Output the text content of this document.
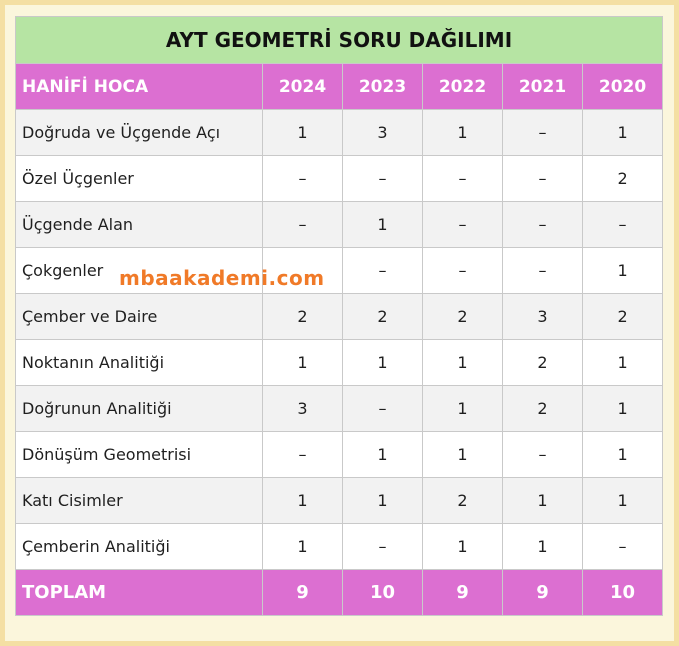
AYT GEOMETRİ SORU DAĞILIMI					
HANİFİ HOCA	2024	2023	2022	2021	2020
Doğruda ve Üçgende Açı	1	3	1	–	1
Özel Üçgenler	–	–	–	–	2
Üçgende Alan	–	1	–	–	–
Çokgenler		–	–	–	1
Çember ve Daire	2	2	2	3	2
Noktanın Analitiği	1	1	1	2	1
Doğrunun Analitiği	3	–	1	2	1
Dönüşüm Geometrisi	–	1	1	–	1
Katı Cisimler	1	1	2	1	1
Çemberin Analitiği	1	–	1	1	–
TOPLAM	9	10	9	9	10
mbaakademi.com
